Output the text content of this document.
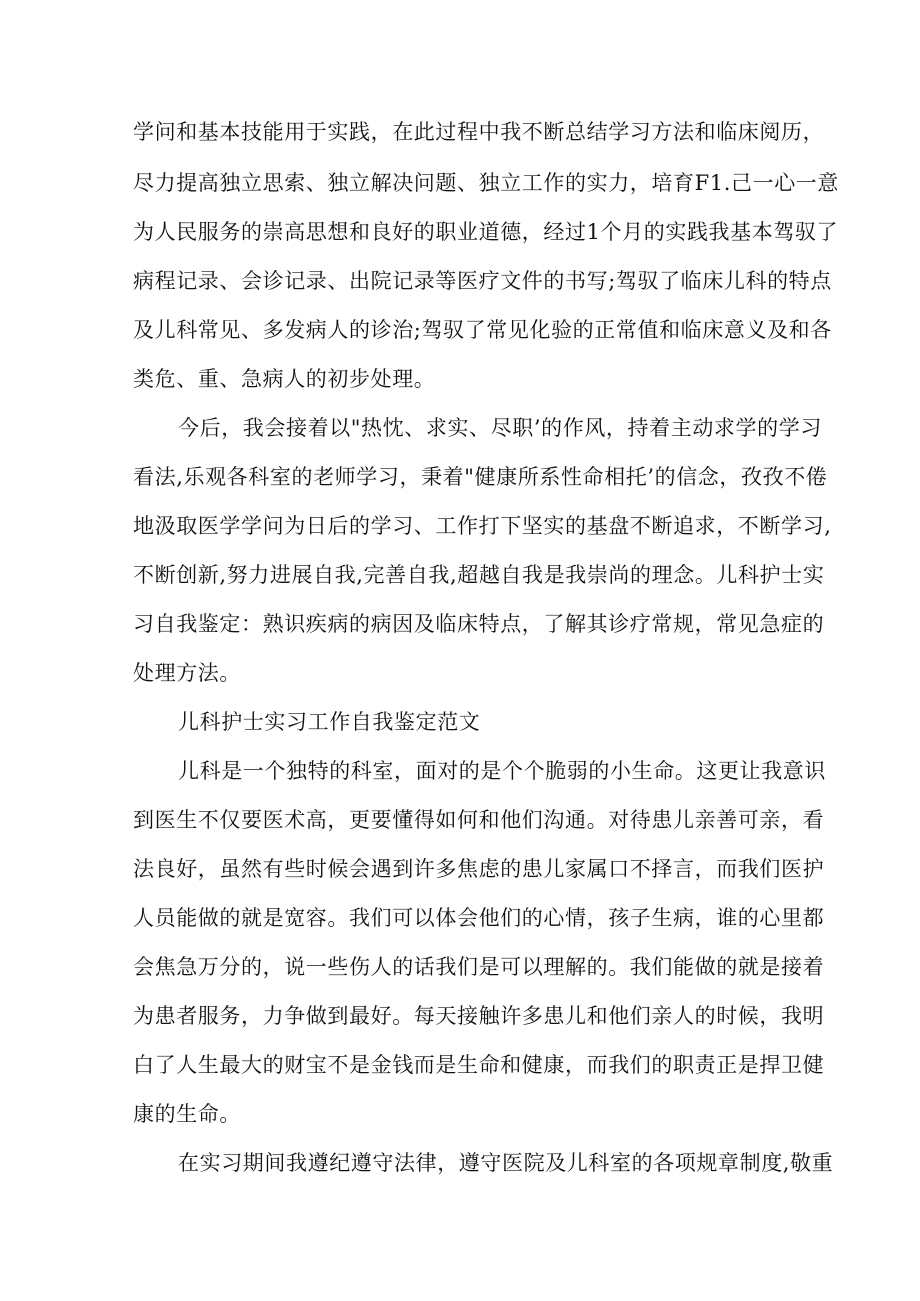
学问和基本技能用于实践，在此过程中我不断总结学习方法和临床阅历，
尽力提高独立思索、独立解决问题、独立工作的实力，培育F1.己一心一意
为人民服务的崇高思想和良好的职业道德，经过1个月的实践我基本驾驭了
病程记录、会诊记录、出院记录等医疗文件的书写;驾驭了临床儿科的特点
及儿科常见、多发病人的诊治;驾驭了常见化验的正常值和临床意义及和各
类危、重、急病人的初步处理。
今后，我会接着以"热忱、求实、尽职’的作风，持着主动求学的学习
看法,乐观各科室的老师学习，秉着"健康所系性命相托’的信念，孜孜不倦
地汲取医学学问为日后的学习、工作打下坚实的基盘不断追求，不断学习,
不断创新,努力进展自我,完善自我,超越自我是我崇尚的理念。儿科护士实
习自我鉴定：熟识疾病的病因及临床特点，了解其诊疗常规，常见急症的
处理方法。
儿科护士实习工作自我鉴定范文
儿科是一个独特的科室，面对的是个个脆弱的小生命。这更让我意识
到医生不仅要医术高，更要懂得如何和他们沟通。对待患儿亲善可亲，看
法良好，虽然有些时候会遇到许多焦虑的患儿家属口不择言，而我们医护
人员能做的就是宽容。我们可以体会他们的心情，孩子生病，谁的心里都
会焦急万分的，说一些伤人的话我们是可以理解的。我们能做的就是接着
为患者服务，力争做到最好。每天接触许多患儿和他们亲人的时候，我明
白了人生最大的财宝不是金钱而是生命和健康，而我们的职责正是捍卫健
康的生命。
在实习期间我遵纪遵守法律，遵守医院及儿科室的各项规章制度,敬重
